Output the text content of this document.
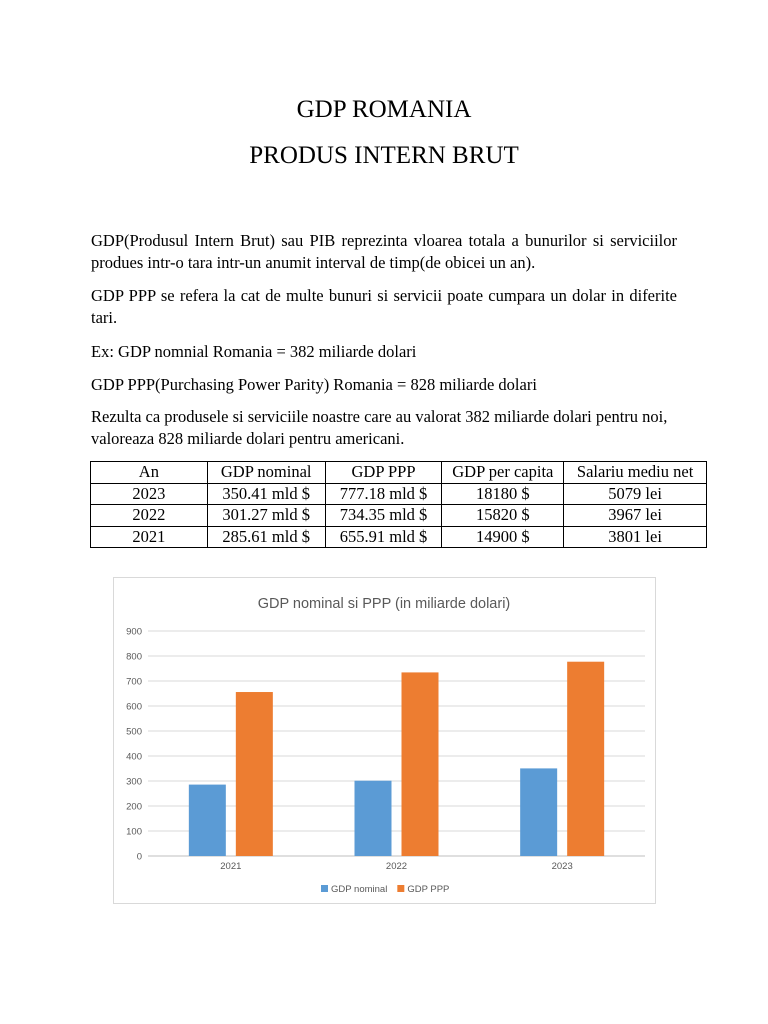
GDP ROMANIA
PRODUS INTERN BRUT

GDP(Produsul Intern Brut) sau PIB reprezinta vloarea totala a bunurilor si serviciilor produes intr-o tara intr-un anumit interval de timp(de obicei un an).

GDP PPP se refera la cat de multe bunuri si servicii poate cumpara un dolar in diferite tari.

Ex: GDP nomnial Romania = 382 miliarde dolari

GDP PPP(Purchasing Power Parity) Romania = 828 miliarde dolari

Rezulta ca produsele si serviciile noastre care au valorat 382 miliarde dolari pentru noi, valoreaza 828 miliarde dolari pentru americani.

An	GDP nominal	GDP PPP	GDP per capita	Salariu mediu net
2023	350.41 mld $	777.18 mld $	18180 $	5079 lei
2022	301.27 mld $	734.35 mld $	15820 $	3967 lei
2021	285.61 mld $	655.91 mld $	14900 $	3801 lei
GDP nominal si PPP (in miliarde dolari)
0
100
200
300
400
500
600
700
800
900
2021	2022	2023
GDP nominal GDP PPP
